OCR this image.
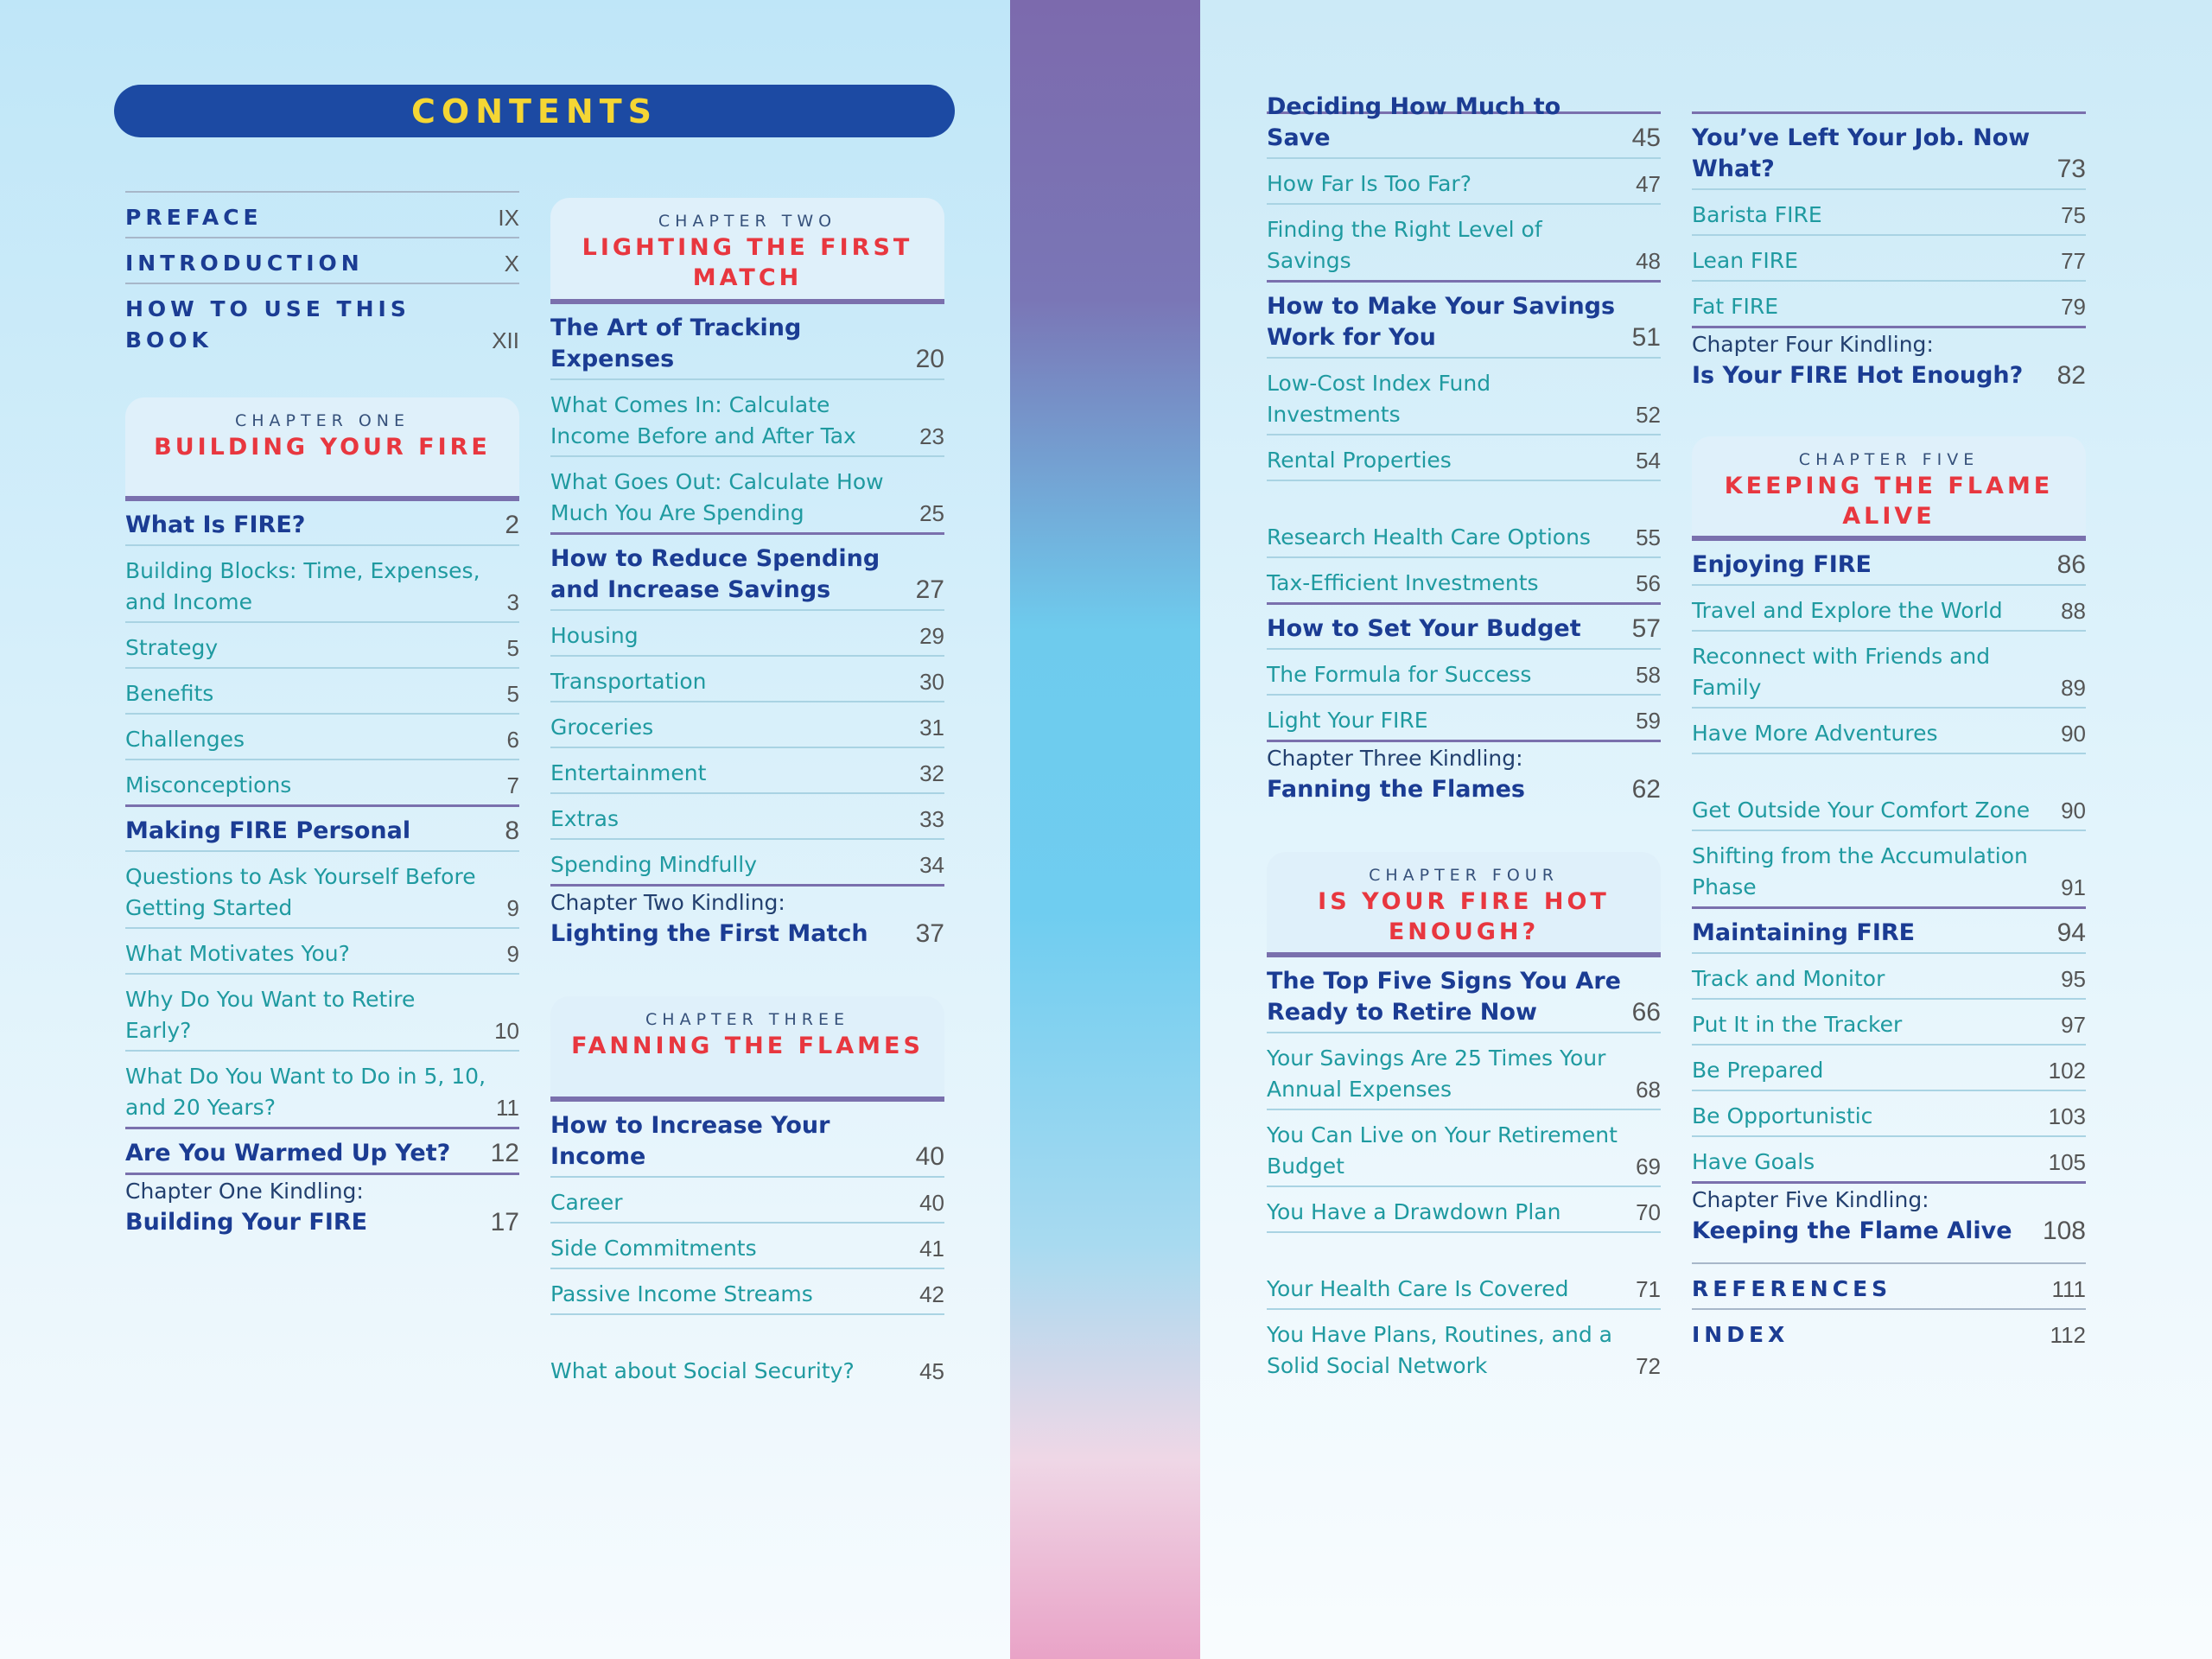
CONTENTS
PREFACE	IX
INTRODUCTION	X
HOW TO USE THIS BOOK	XII
CHAPTER ONE
BUILDING YOUR FIRE
What Is FIRE?	2
Building Blocks: Time, Expenses, and Income	3
Strategy	5
Benefits	5
Challenges	6
Misconceptions	7
Making FIRE Personal	8
Questions to Ask Yourself Before Getting Started	9
What Motivates You?	9
Why Do You Want to Retire Early?	10
What Do You Want to Do in 5, 10, and 20 Years?	11
Are You Warmed Up Yet? 12
Chapter One Kindling:
Building Your FIRE	17
CHAPTER TWO
LIGHTING THE FIRST MATCH
The Art of Tracking Expenses	20
What Comes In: Calculate Income Before and After Tax	23
What Goes Out: Calculate How Much You Are Spending	25
How to Reduce Spending and Increase Savings	27
Housing	29
Transportation	30
Groceries	31
Entertainment	32
Extras	33
Spending Mindfully	34
Chapter Two Kindling:
Lighting the First Match 37
CHAPTER THREE
FANNING THE FLAMES
How to Increase Your Income	40
Career	40
Side Commitments	41
Passive Income Streams	42
What about Social Security?	45
Deciding How Much to Save	45
How Far Is Too Far?	47
Finding the Right Level of Savings	48
How to Make Your Savings Work for You	51
Low-Cost Index Fund Investments	52
Rental Properties	54
Research Health Care Options	55
Tax-Efficient Investments	56
How to Set Your Budget 57
The Formula for Success	58
Light Your FIRE	59
Chapter Three Kindling:
Fanning the Flames	62
CHAPTER FOUR
IS YOUR FIRE HOT ENOUGH?
The Top Five Signs You Are Ready to Retire Now	66
Your Savings Are 25 Times Your Annual Expenses	68
You Can Live on Your Retirement Budget	69
You Have a Drawdown Plan	70
Your Health Care Is Covered	71
You Have Plans, Routines, and a Solid Social Network	72
You’ve Left Your Job. Now What?	73
Barista FIRE	75
Lean FIRE	77
Fat FIRE	79
Chapter Four Kindling:
Is Your FIRE Hot Enough? 82
CHAPTER FIVE
KEEPING THE FLAME ALIVE
Enjoying FIRE	86
Travel and Explore the World	88
Reconnect with Friends and Family	89
Have More Adventures	90
Get Outside Your Comfort Zone	90
Shifting from the Accumulation Phase	91
Maintaining FIRE	94
Track and Monitor	95
Put It in the Tracker	97
Be Prepared	102
Be Opportunistic	103
Have Goals	105
Chapter Five Kindling:
Keeping the Flame Alive 108
REFERENCES	111
INDEX	112
